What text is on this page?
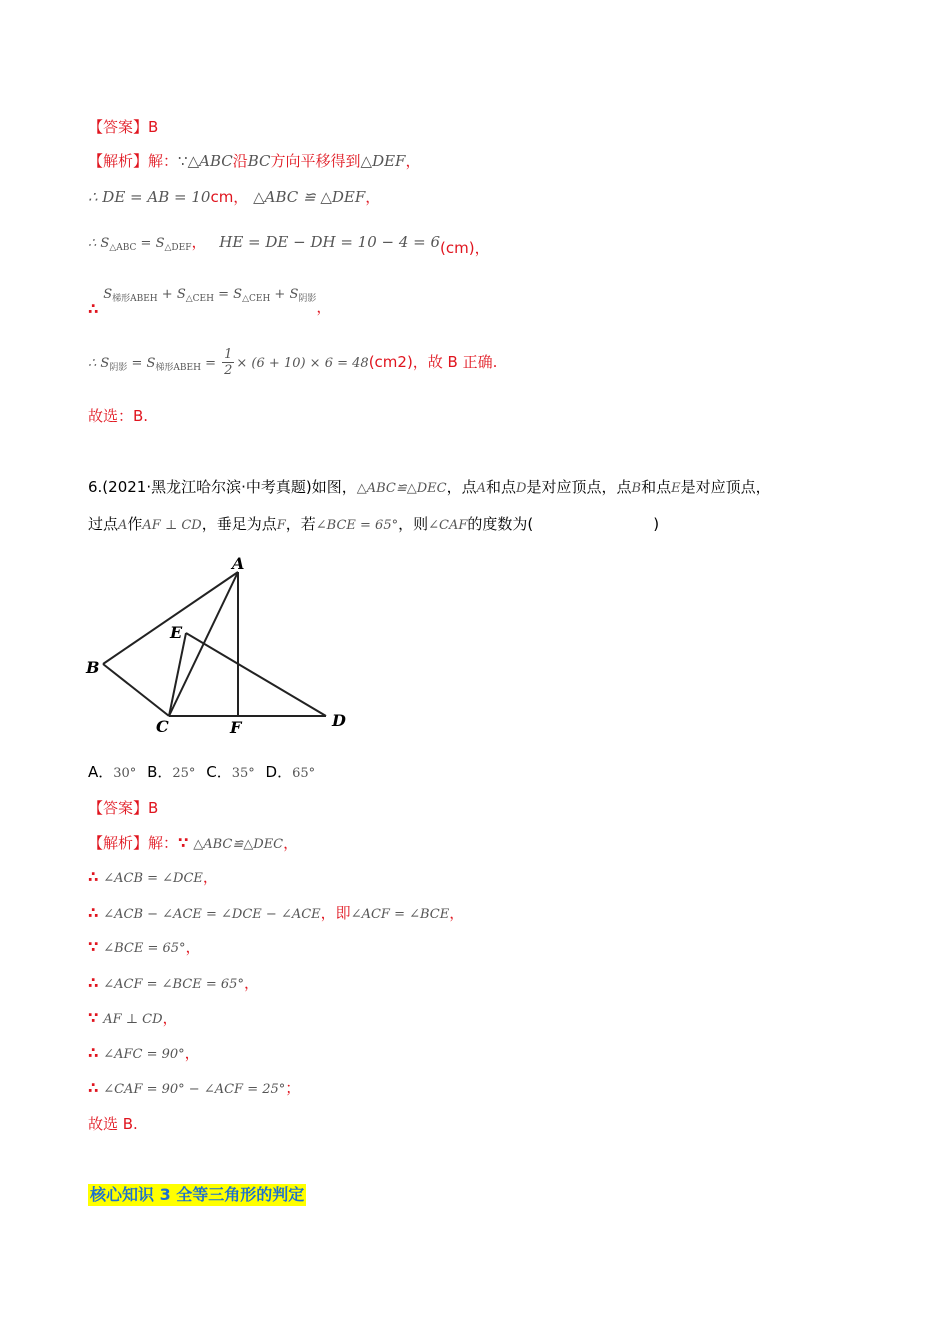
【答案】B
【解析】解：∵△ABC沿BC方向平移得到△DEF，
∴ DE = AB = 10cm， △ABC ≌ △DEF，
∴ $S_{\triangle ABC} = S_{\triangle DEF}$， HE = DE − DH = 10 − 4 = 6(cm)，
∴ $S_{梯形ABEH} + S_{\triangle CEH} = S_{\triangle CEH} + S_{阴影}$，
∴ $S_{阴影} = S_{梯形ABEH} = \frac{1}{2} \times (6 + 10) \times 6 = 48(cm2)$，故 B 正确.
故选：B.
6.(2021·黑龙江哈尔滨·中考真题)如图，△ABC≌△DEC，点A和点D是对应顶点，点B和点E是对应顶点，
过点A作AF ⊥ CD，垂足为点F，若∠BCE = 65°，则∠CAF的度数为(	)
A
B
C	D
E
F
A．30° B．25° C．35° D．65°
【答案】B
【解析】解：∵ △ABC≌△DEC，
∴ ∠ACB = ∠DCE，
∴ ∠ACB − ∠ACE = ∠DCE − ∠ACE，即∠ACF = ∠BCE，
∵ ∠BCE = 65°，
∴ ∠ACF = ∠BCE = 65°，
∵ AF ⊥ CD，
∴ ∠AFC = 90°，
∴ ∠CAF = 90° − ∠ACF = 25°；
故选 B.
核心知识 3 全等三角形的判定
